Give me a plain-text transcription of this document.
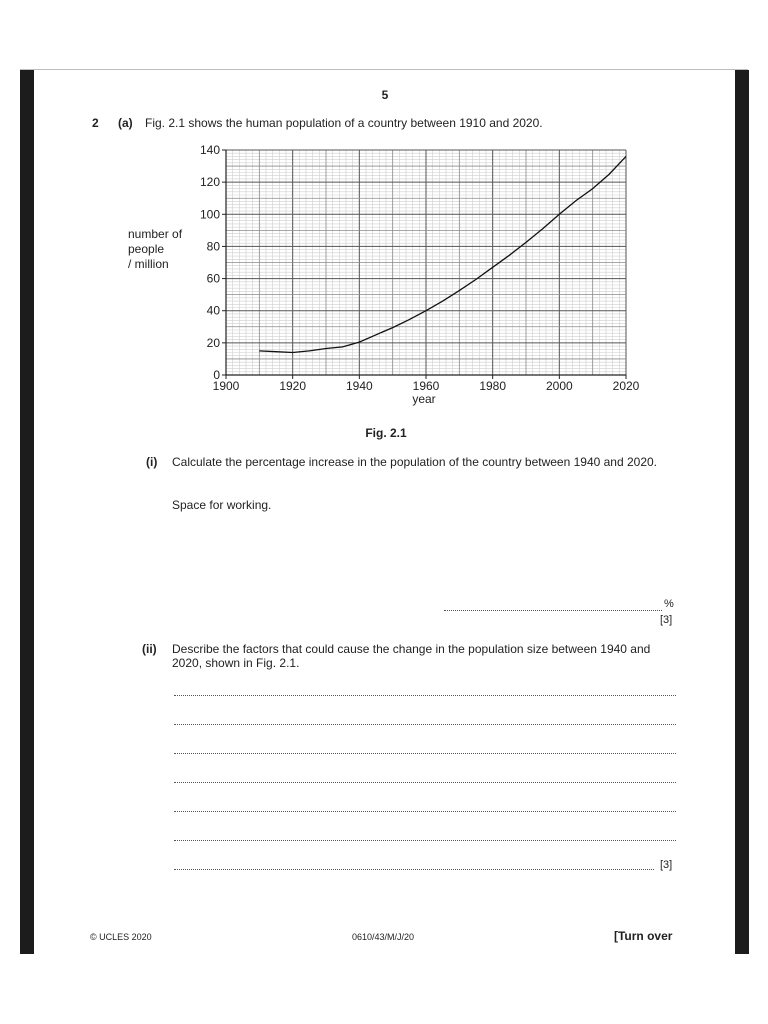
5
2 (a) Fig. 2.1 shows the human population of a country between 1910 and 2020.
0
20
40
60
80
100
120
140
1900	1920	1940	1960	1980	2000	2020
number of
people
/ million
year
Fig. 2.1
(i) Calculate the percentage increase in the population of the country between 1940 and 2020.
Space for working.
%
[3]
(ii) Describe the factors that could cause the change in the population size between 1940 and 2020, shown in Fig. 2.1.
[3]
© UCLES 2020	0610/43/M/J/20	[Turn over
